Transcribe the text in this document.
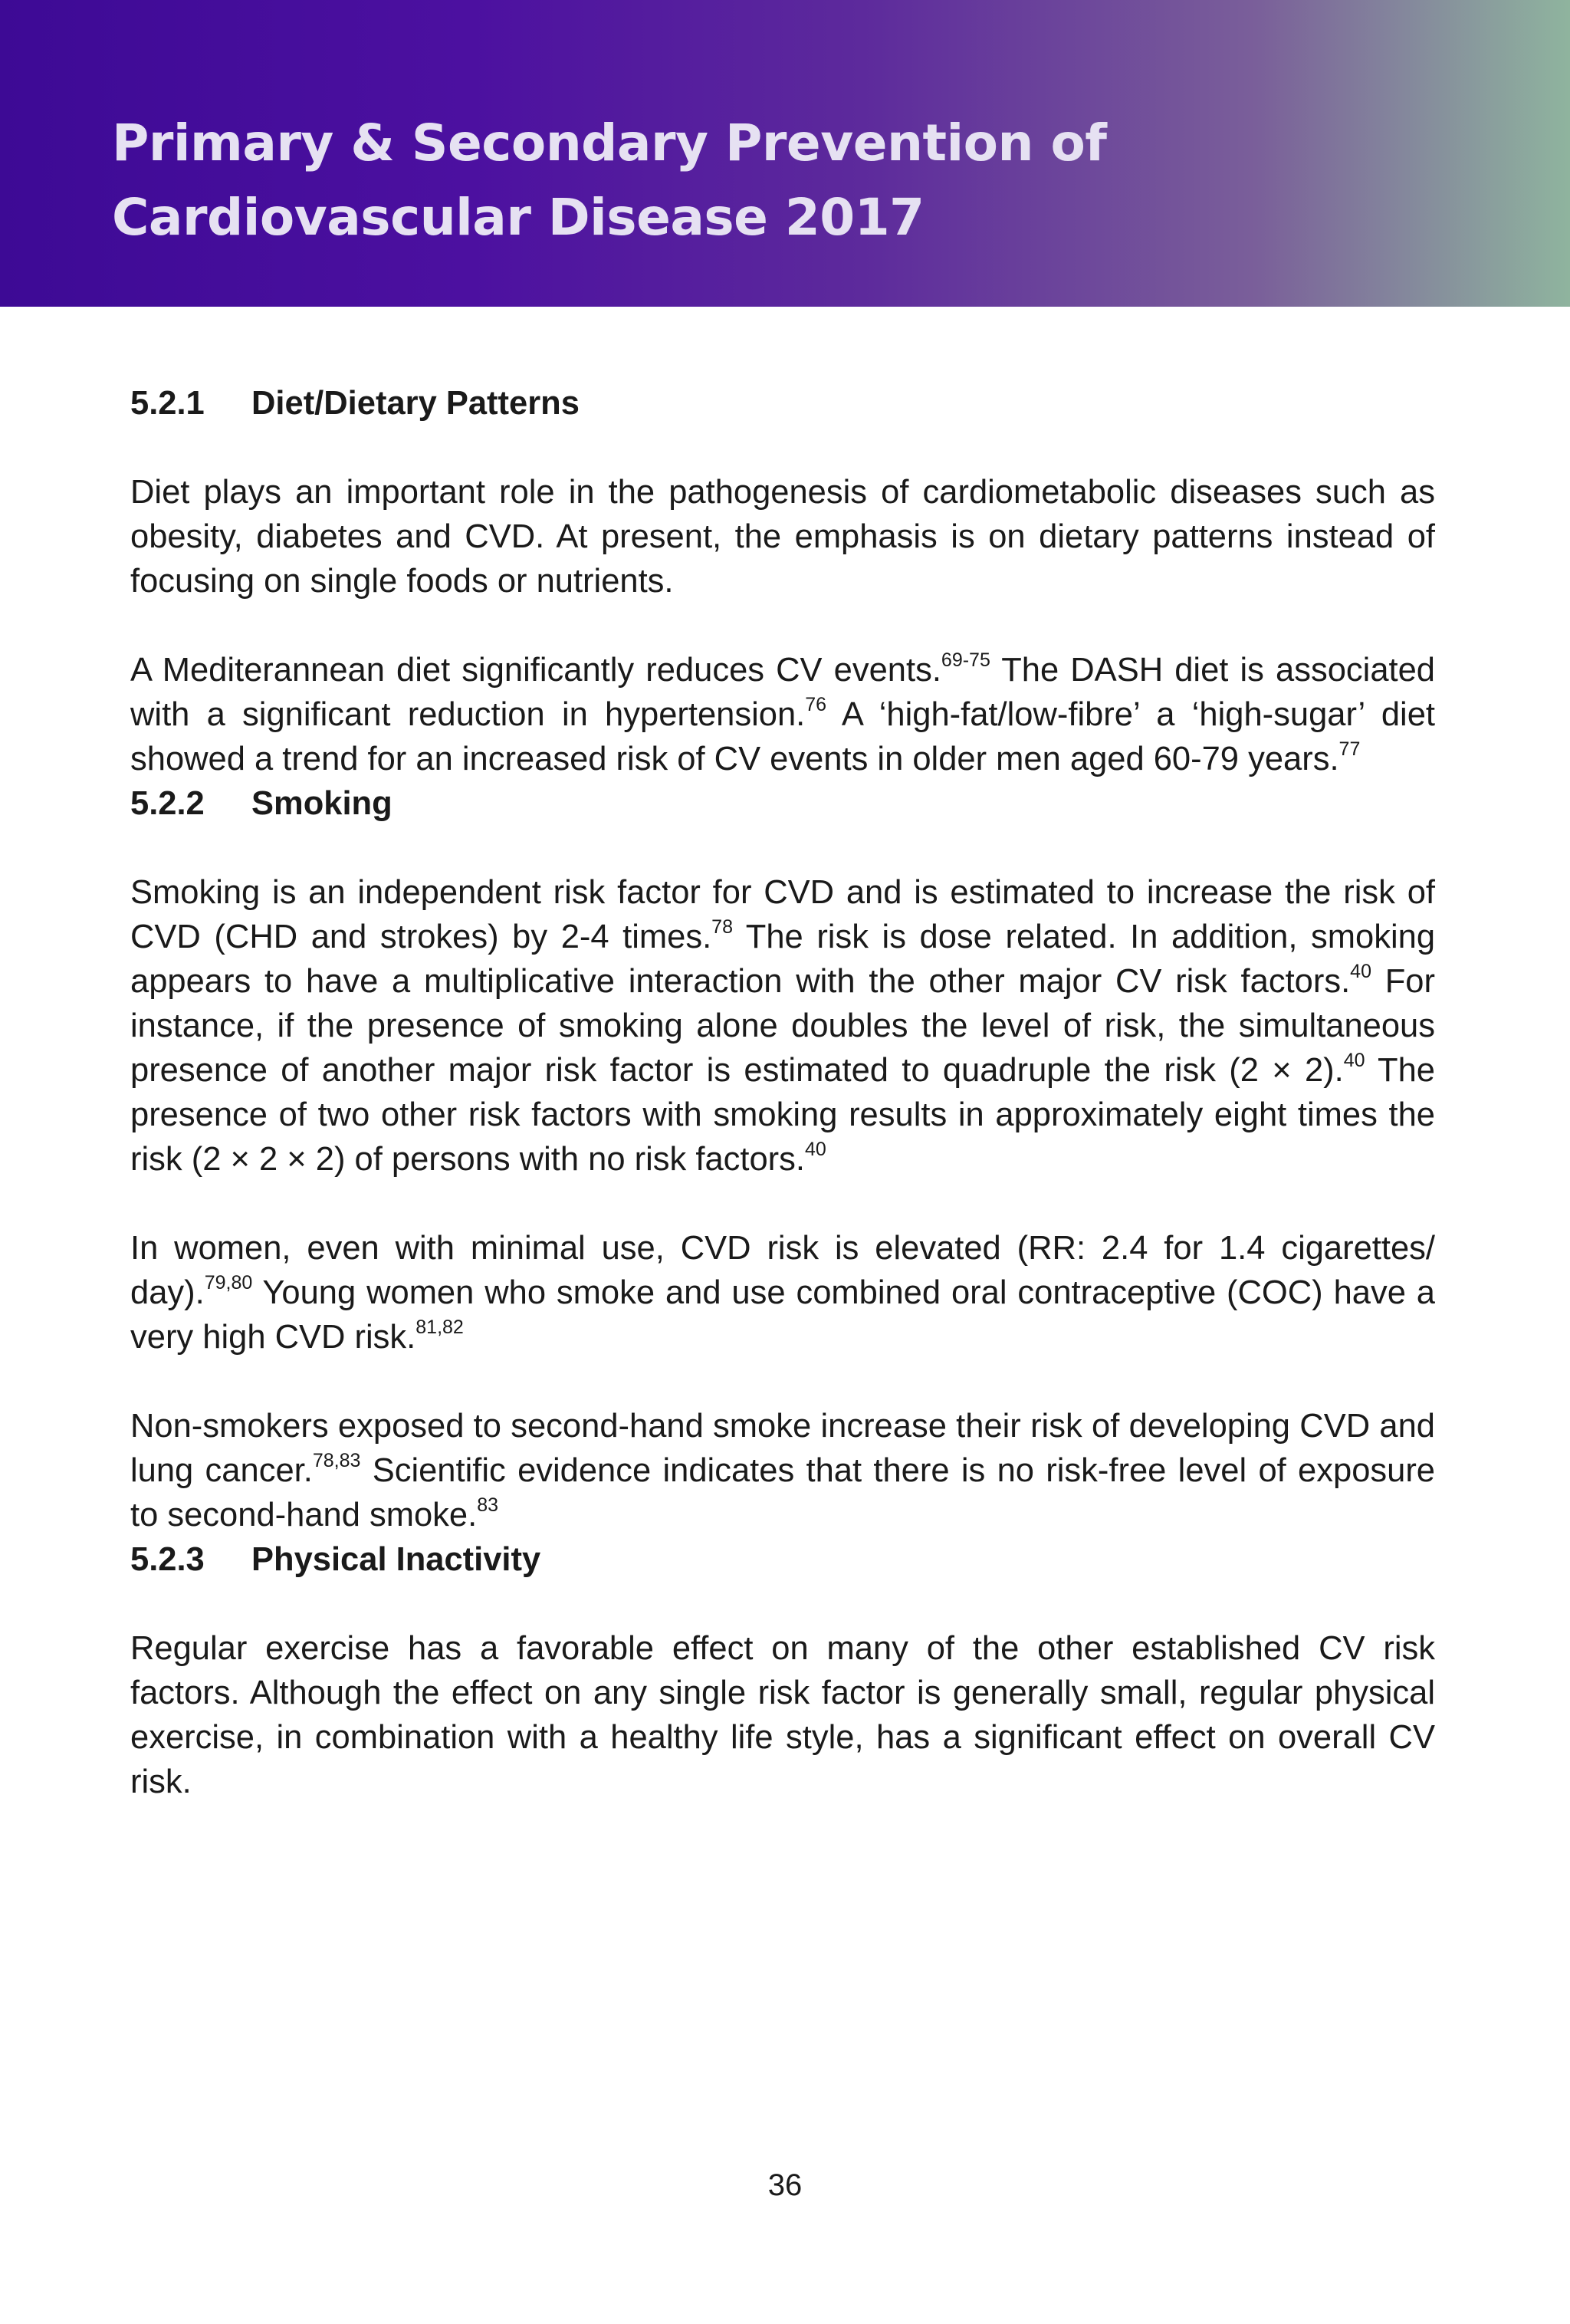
Primary & Secondary Prevention of Cardiovascular Disease 2017
5.2.1 Diet/Dietary Patterns

Diet plays an important role in the pathogenesis of cardiometabolic diseases such as obesity, diabetes and CVD. At present, the emphasis is on dietary patterns instead of focusing on single foods or nutrients.

A Mediterannean diet significantly reduces CV events.$^{69-75}$ The DASH diet is associated with a significant reduction in hypertension.$^{76}$ A ‘high-fat/low-fibre’ a ‘high-sugar’ diet showed a trend for an increased risk of CV events in older men aged 60-79 years.$^{77}$

5.2.2 Smoking

Smoking is an independent risk factor for CVD and is estimated to increase the risk of CVD (CHD and strokes) by 2-4 times.$^{78}$ The risk is dose related. In addition, smoking appears to have a multiplicative interaction with the other major CV risk factors.$^{40}$ For instance, if the presence of smoking alone doubles the level of risk, the simultaneous presence of another major risk factor is estimated to quadruple the risk (2 × 2).$^{40}$ The presence of two other risk factors with smoking results in approximately eight times the risk (2 × 2 × 2) of persons with no risk factors.$^{40}$

In women, even with minimal use, CVD risk is elevated (RR: 2.4 for 1.4 cigarettes/ day).$^{79,80}$ Young women who smoke and use combined oral contraceptive (COC) have a very high CVD risk.$^{81,82}$

Non-smokers exposed to second-hand smoke increase their risk of developing CVD and lung cancer.$^{78,83}$ Scientific evidence indicates that there is no risk-free level of exposure to second-hand smoke.$^{83}$

5.2.3 Physical Inactivity

Regular exercise has a favorable effect on many of the other established CV risk factors. Although the effect on any single risk factor is generally small, regular physical exercise, in combination with a healthy life style, has a significant effect on overall CV risk.

36
